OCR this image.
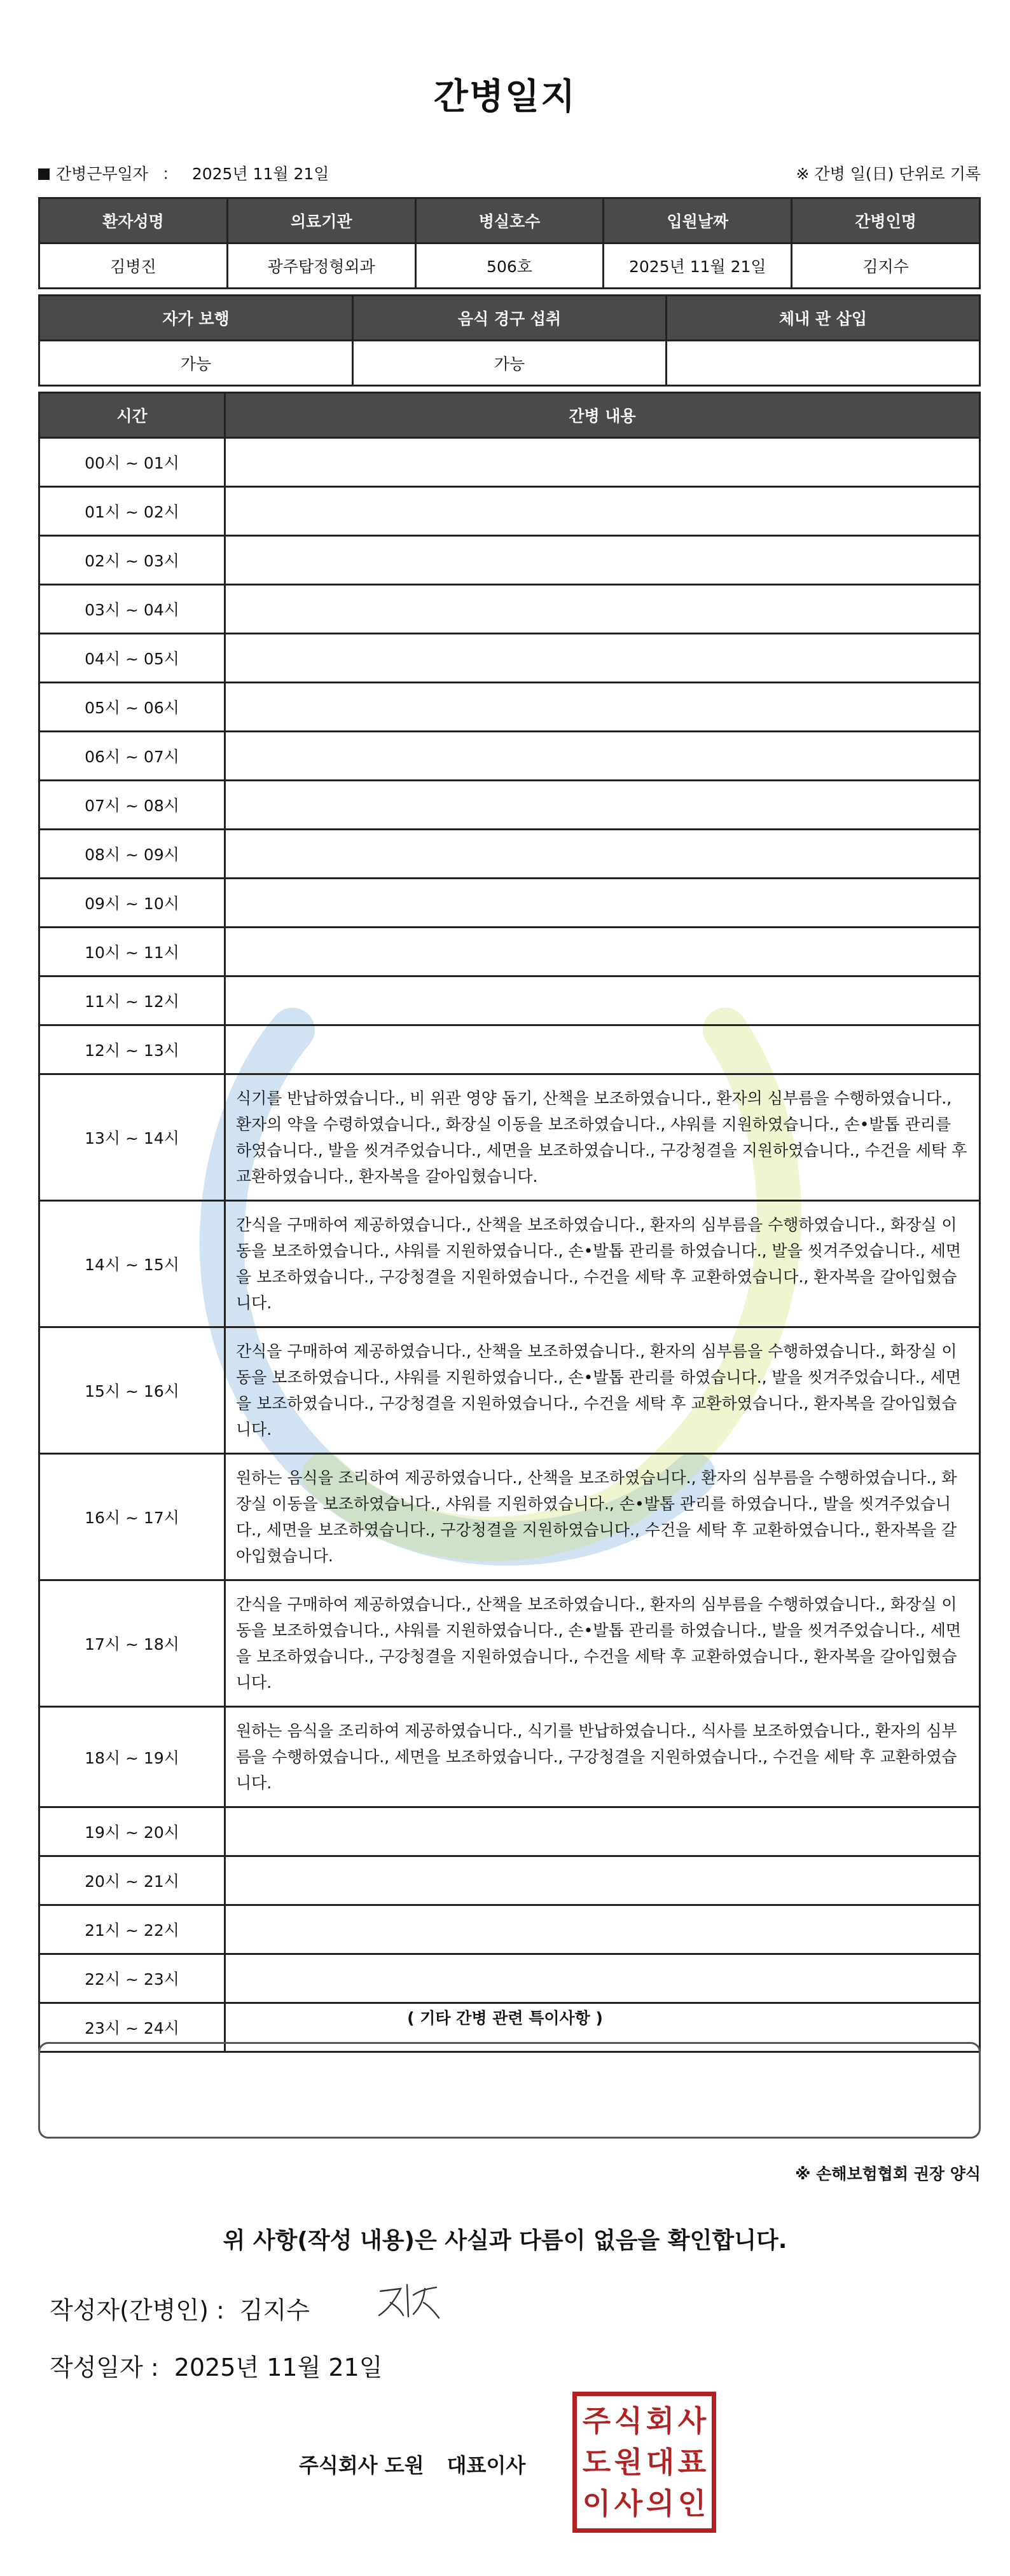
간병일지
간병근무일자 ： 2025년 11월 21일	※ 간병 일(日) 단위로 기록
환자성명	의료기관	병실호수	입원날짜	간병인명
김병진	광주탑정형외과	506호	2025년 11월 21일	김지수
자가 보행	음식 경구 섭취	체내 관 삽입
가능	가능	
시간	간병 내용
00시 ~ 01시	
01시 ~ 02시	
02시 ~ 03시	
03시 ~ 04시	
04시 ~ 05시	
05시 ~ 06시	
06시 ~ 07시	
07시 ~ 08시	
08시 ~ 09시	
09시 ~ 10시	
10시 ~ 11시	
11시 ~ 12시	
12시 ~ 13시	
13시 ~ 14시	식기를 반납하였습니다., 비 위관 영양 돕기, 산책을 보조하였습니다., 환자의 심부름을 수행하였습니다., 환자의 약을 수령하였습니다., 화장실 이동을 보조하였습니다., 샤워를 지원하였습니다., 손•발톱 관리를 하였습니다., 발을 씻겨주었습니다., 세면을 보조하였습니다., 구강청결을 지원하였습니다., 수건을 세탁 후 교환하였습니다., 환자복을 갈아입혔습니다.
14시 ~ 15시	간식을 구매하여 제공하였습니다., 산책을 보조하였습니다., 환자의 심부름을 수행하였습니다., 화장실 이동을 보조하였습니다., 샤워를 지원하였습니다., 손•발톱 관리를 하였습니다., 발을 씻겨주었습니다., 세면을 보조하였습니다., 구강청결을 지원하였습니다., 수건을 세탁 후 교환하였습니다., 환자복을 갈아입혔습니다.
15시 ~ 16시	간식을 구매하여 제공하였습니다., 산책을 보조하였습니다., 환자의 심부름을 수행하였습니다., 화장실 이동을 보조하였습니다., 샤워를 지원하였습니다., 손•발톱 관리를 하였습니다., 발을 씻겨주었습니다., 세면을 보조하였습니다., 구강청결을 지원하였습니다., 수건을 세탁 후 교환하였습니다., 환자복을 갈아입혔습니다.
16시 ~ 17시	원하는 음식을 조리하여 제공하였습니다., 산책을 보조하였습니다., 환자의 심부름을 수행하였습니다., 화장실 이동을 보조하였습니다., 샤워를 지원하였습니다., 손•발톱 관리를 하였습니다., 발을 씻겨주었습니다., 세면을 보조하였습니다., 구강청결을 지원하였습니다., 수건을 세탁 후 교환하였습니다., 환자복을 갈아입혔습니다.
17시 ~ 18시	간식을 구매하여 제공하였습니다., 산책을 보조하였습니다., 환자의 심부름을 수행하였습니다., 화장실 이동을 보조하였습니다., 샤워를 지원하였습니다., 손•발톱 관리를 하였습니다., 발을 씻겨주었습니다., 세면을 보조하였습니다., 구강청결을 지원하였습니다., 수건을 세탁 후 교환하였습니다., 환자복을 갈아입혔습니다.
18시 ~ 19시	원하는 음식을 조리하여 제공하였습니다., 식기를 반납하였습니다., 식사를 보조하였습니다., 환자의 심부름을 수행하였습니다., 세면을 보조하였습니다., 구강청결을 지원하였습니다., 수건을 세탁 후 교환하였습니다.
19시 ~ 20시	
20시 ~ 21시	
21시 ~ 22시	
22시 ~ 23시	
23시 ~ 24시	
( 기타 간병 관련 특이사항 )
※ 손해보험협회 권장 양식
위 사항(작성 내용)은 사실과 다름이 없음을 확인합니다.
작성자(간병인) : 김지수
작성일자 : 2025년 11월 21일
주식회사 도원 대표이사
주 식 회 사
도 원 대 표
이 사 의 인
